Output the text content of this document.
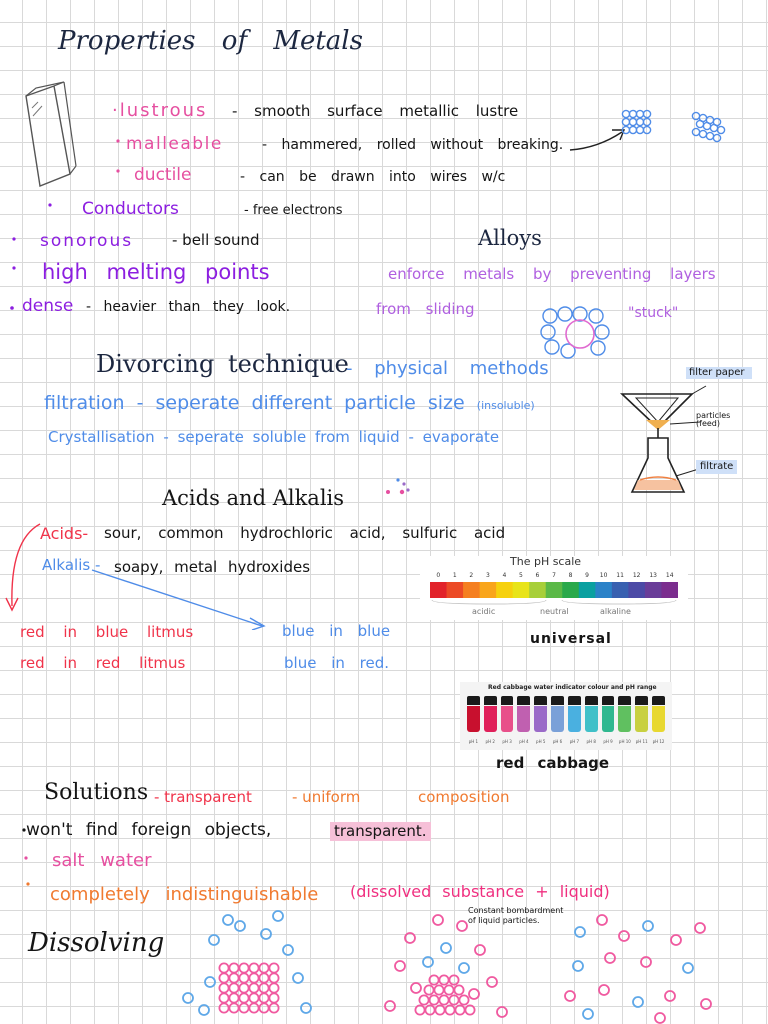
Properties of Metals
·lustrous - smooth surface metallic lustre
malleable	- hammered, rolled without breaking.
ductile	- can be drawn into wires w/c
Conductors	- free electrons
sonorous	- bell sound
high melting points
dense - heavier than they look.
Alloys
enforce metals by preventing layers
from sliding	"stuck"
Divorcing technique
- physical methods
filtration - seperate different particle size (insoluble)
Crystallisation - seperate soluble from liquid - evaporate
filter paper
particles (feed)
filtrate
Acids and Alkalis
Acids- sour, common hydrochloric acid, sulfuric acid
Alkalis - soapy, metal hydroxides
red in blue litmus
red in red litmus
blue in blue
blue in red.
The pH scale
0	1	2	3	4	5	6	7	8	9	10	11	12	13	14
acidic	neutral	alkaline
universal
Red cabbage water indicator colour and pH range
pH 1	pH 2	pH 3	pH 4	pH 5	pH 6	pH 7	pH 8	pH 9	pH 10	pH 11	pH 12
red cabbage
Solutions - transparent	- uniform	composition
won't find foreign objects,	transparent.
salt water
completely indistinguishable (dissolved substance + liquid)
Constant bombardment of liquid particles.
Dissolving
